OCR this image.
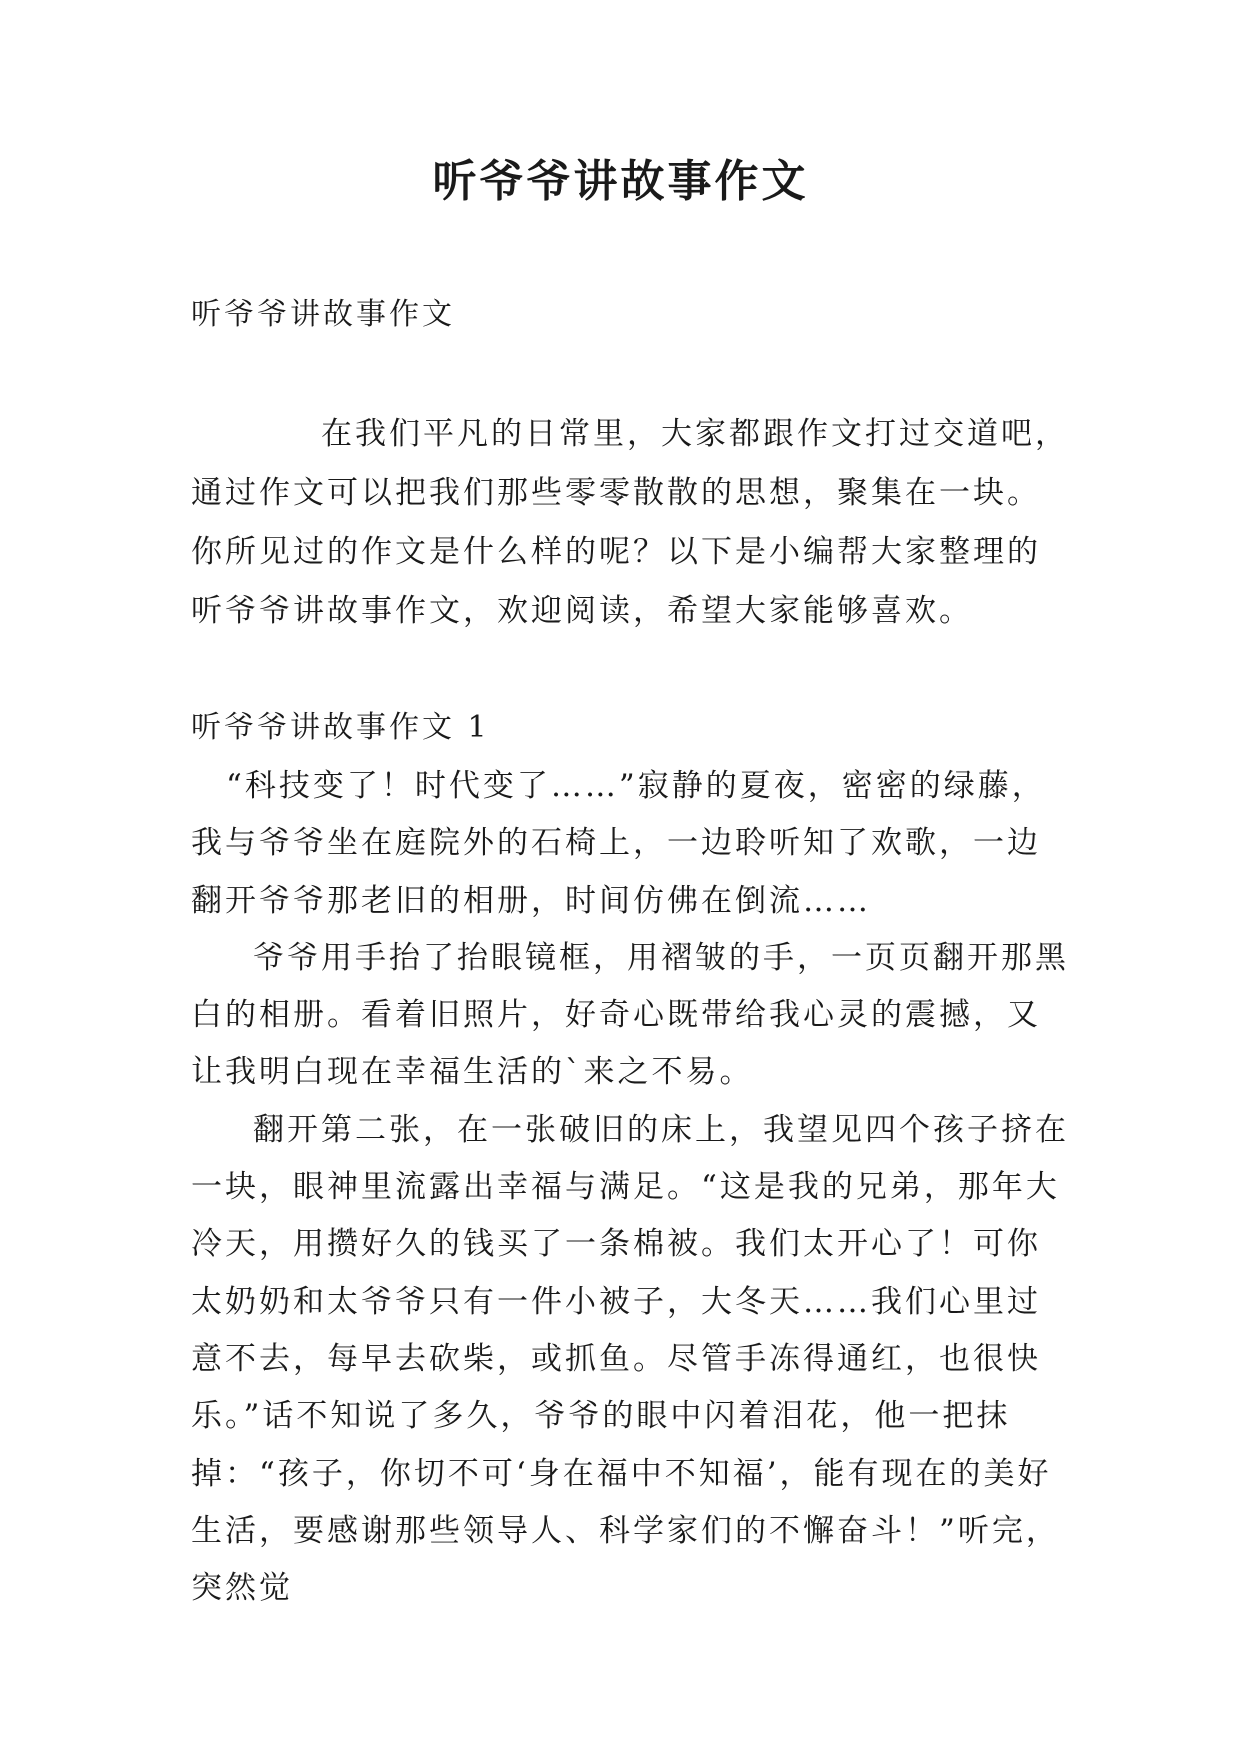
听爷爷讲故事作文
听爷爷讲故事作文

在我们平凡的日常里，大家都跟作文打过交道吧，通过作文可以把我们那些零零散散的思想，聚集在一块。你所见过的作文是什么样的呢？以下是小编帮大家整理的听爷爷讲故事作文，欢迎阅读，希望大家能够喜欢。

听爷爷讲故事作文 1

“科技变了！时代变了……”寂静的夏夜，密密的绿藤，我与爷爷坐在庭院外的石椅上，一边聆听知了欢歌，一边翻开爷爷那老旧的相册，时间仿佛在倒流……

爷爷用手抬了抬眼镜框，用褶皱的手，一页页翻开那黑白的相册。看着旧照片，好奇心既带给我心灵的震撼，又让我明白现在幸福生活的`来之不易。

翻开第二张，在一张破旧的床上，我望见四个孩子挤在一块，眼神里流露出幸福与满足。“这是我的兄弟，那年大冷天，用攒好久的钱买了一条棉被。我们太开心了！可你太奶奶和太爷爷只有一件小被子，大冬天……我们心里过意不去，每早去砍柴，或抓鱼。尽管手冻得通红，也很快乐。”话不知说了多久，爷爷的眼中闪着泪花，他一把抹掉：“孩子，你切不可‘身在福中不知福’，能有现在的美好生活，要感谢那些领导人、科学家们的不懈奋斗！”听完，突然觉
